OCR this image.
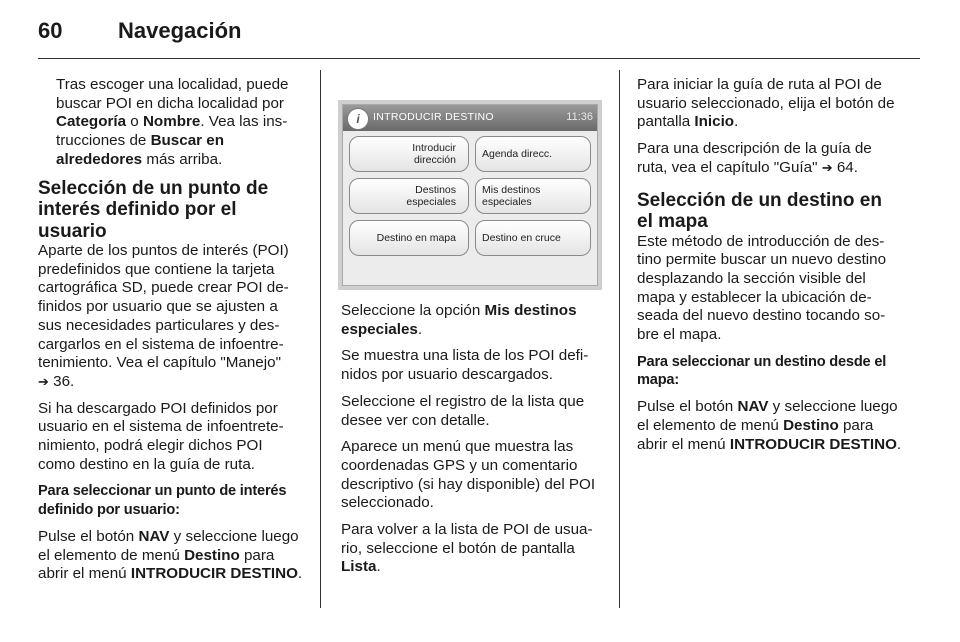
60	Navegación

Tras escoger una localidad, puede buscar POI en dicha localidad por Categoría o Nombre. Vea las ins-trucciones de Buscar en alrededores más arriba.

Selección de un punto de interés definido por el usuario

Aparte de los puntos de interés (POI) predefinidos que contiene la tarjeta cartográfica SD, puede crear POI de-finidos por usuario que se ajusten a sus necesidades particulares y des-cargarlos en el sistema de infoentre-tenimiento. Vea el capítulo "Manejo"
➔ 36.

Si ha descargado POI definidos por usuario en el sistema de infoentrete-nimiento, podrá elegir dichos POI como destino en la guía de ruta.

Para seleccionar un punto de interés definido por usuario:

Pulse el botón NAV y seleccione luego el elemento de menú Destino para abrir el menú INTRODUCIR DESTINO.

i	INTRODUCIR DESTINO	11:36
Introducir
dirección
Agenda direcc.
Destinos
especiales
Mis destinos
especiales
Destino en mapa Destino en cruce

Seleccione la opción Mis destinos especiales.

Se muestra una lista de los POI defi-nidos por usuario descargados.

Seleccione el registro de la lista que desee ver con detalle.

Aparece un menú que muestra las coordenadas GPS y un comentario descriptivo (si hay disponible) del POI seleccionado.

Para volver a la lista de POI de usua-rio, seleccione el botón de pantalla Lista.

Para iniciar la guía de ruta al POI de usuario seleccionado, elija el botón de pantalla Inicio.

Para una descripción de la guía de ruta, vea el capítulo "Guía" ➔ 64.

Selección de un destino en el mapa

Este método de introducción de des-tino permite buscar un nuevo destino desplazando la sección visible del mapa y establecer la ubicación de-seada del nuevo destino tocando so-bre el mapa.

Para seleccionar un destino desde el mapa:

Pulse el botón NAV y seleccione luego el elemento de menú Destino para abrir el menú INTRODUCIR DESTINO.
